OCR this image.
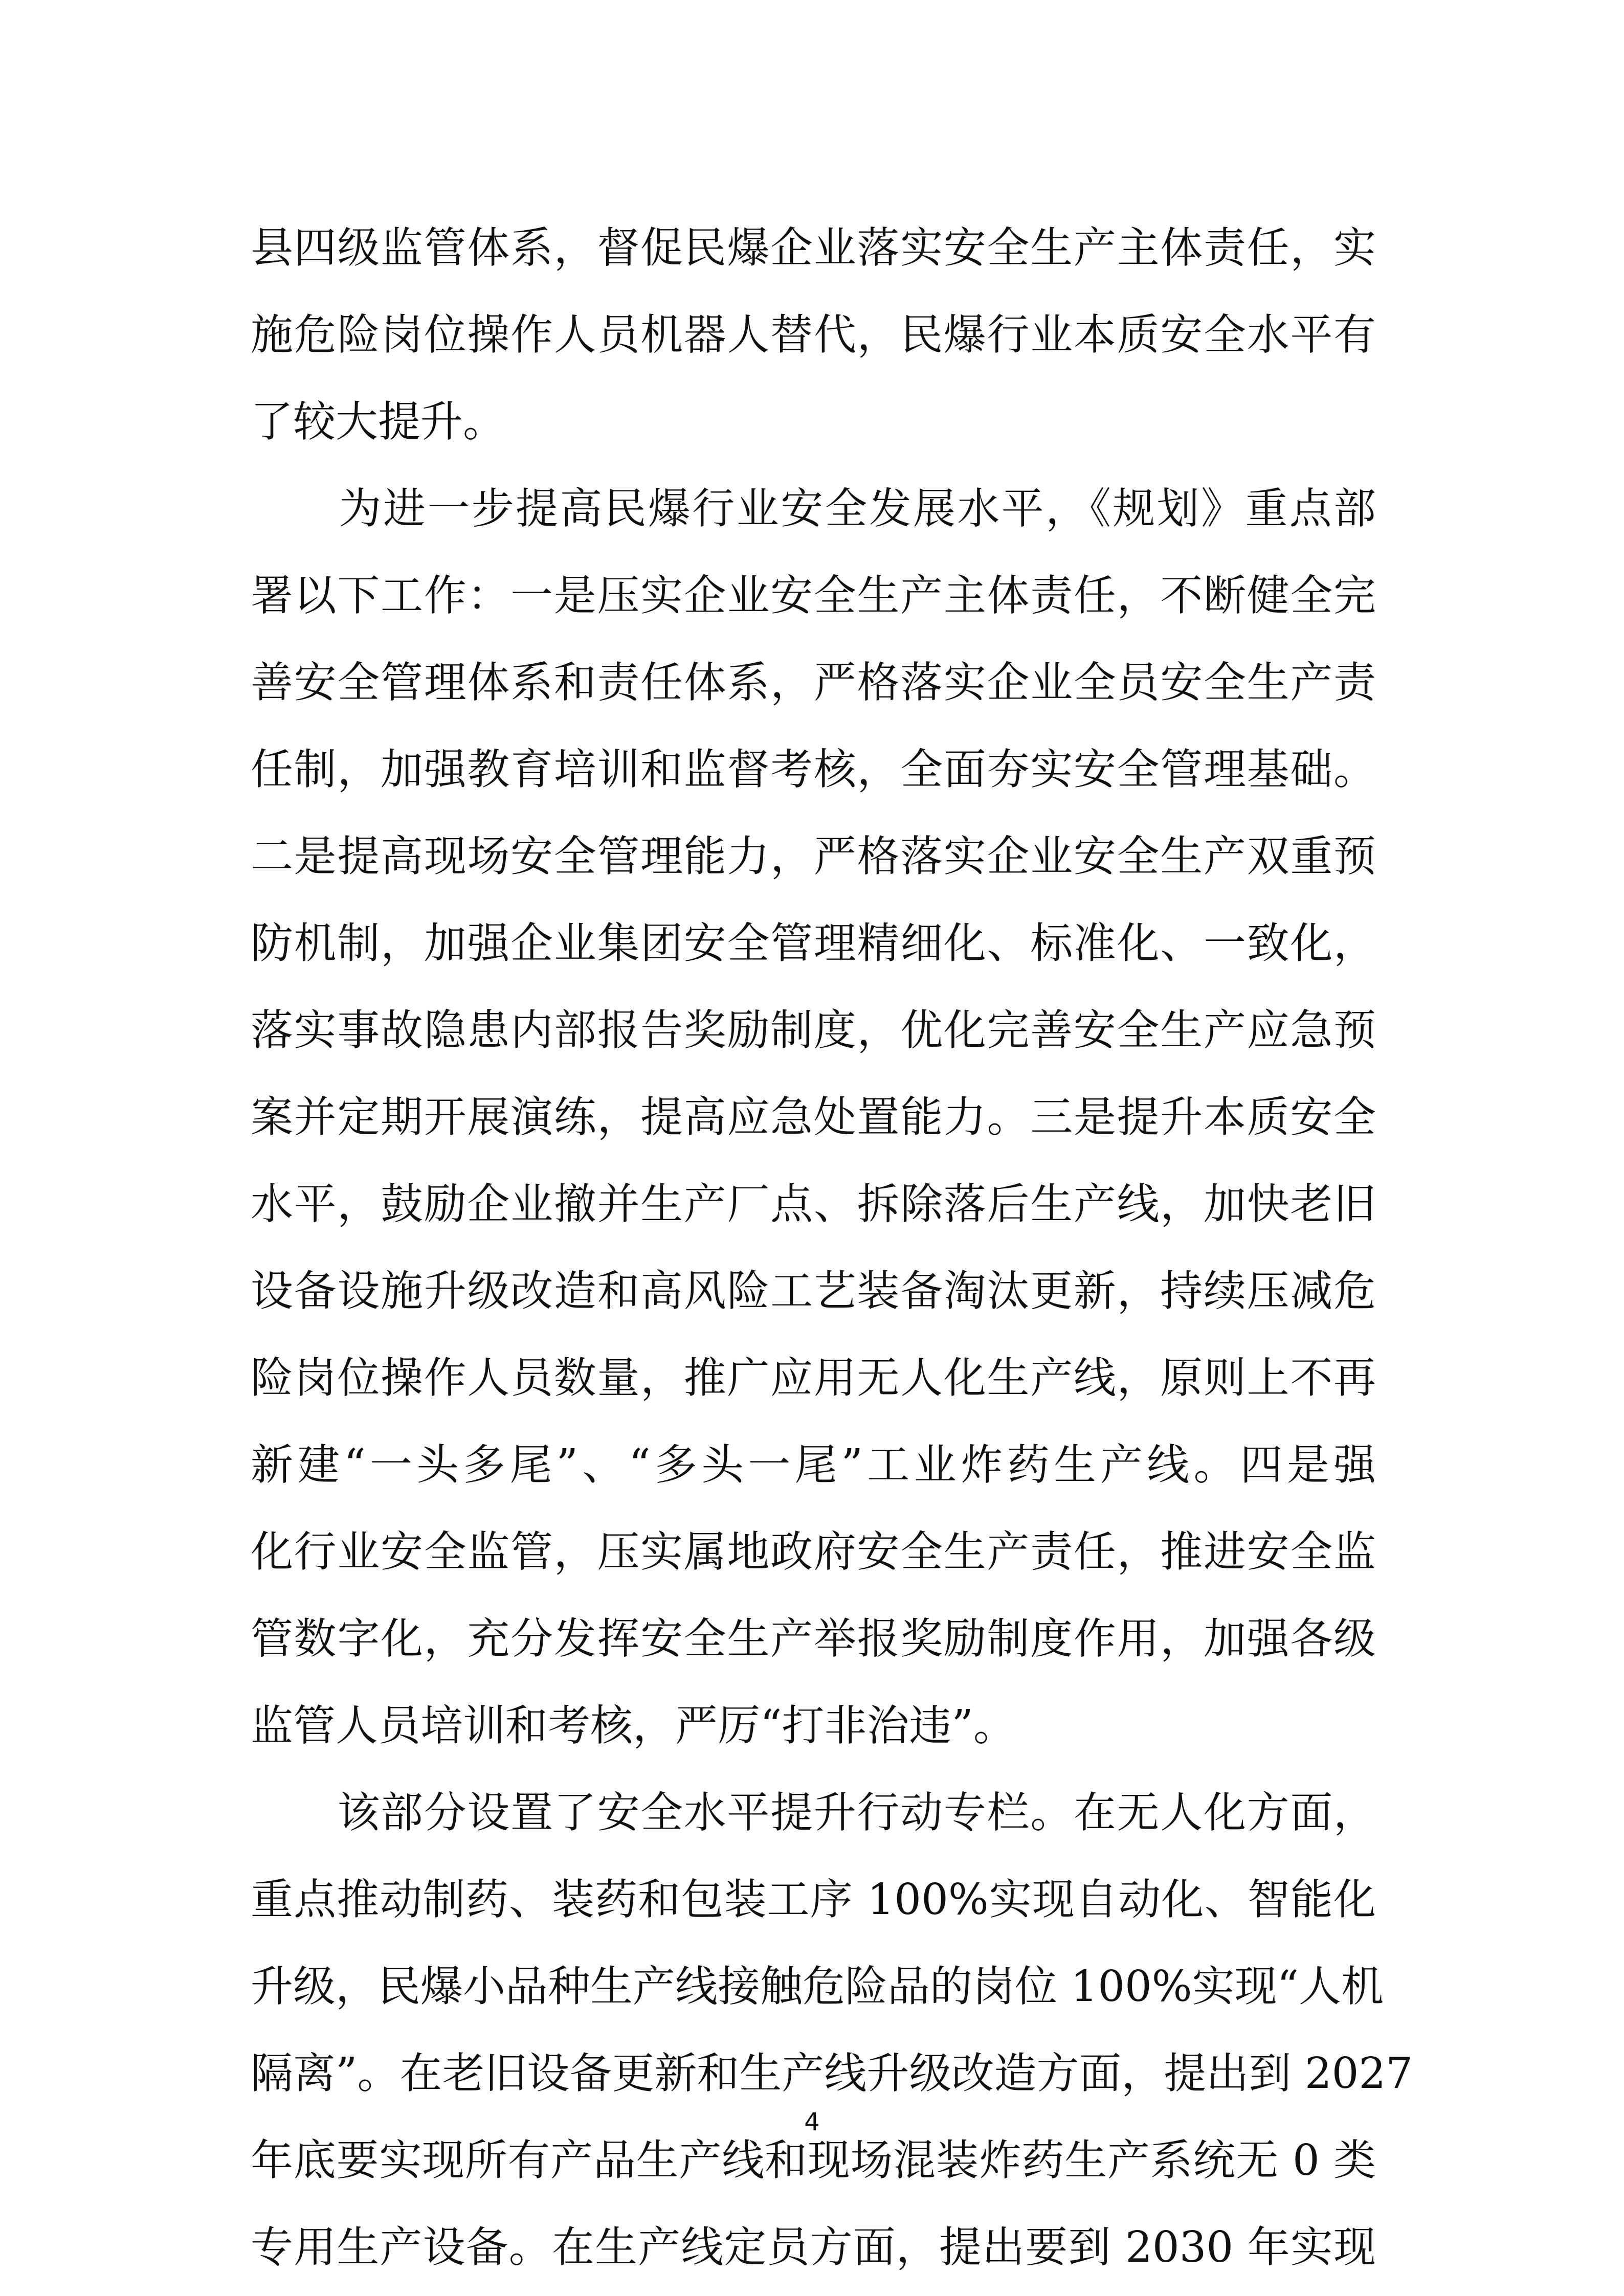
县四级监管体系，督促民爆企业落实安全生产主体责任，实
施危险岗位操作人员机器人替代，民爆行业本质安全水平有
了较大提升。
　　为进一步提高民爆行业安全发展水平，《规划》重点部
署以下工作：一是压实企业安全生产主体责任，不断健全完
善安全管理体系和责任体系，严格落实企业全员安全生产责
任制，加强教育培训和监督考核，全面夯实安全管理基础。
二是提高现场安全管理能力，严格落实企业安全生产双重预
防机制，加强企业集团安全管理精细化、标准化、一致化，
落实事故隐患内部报告奖励制度，优化完善安全生产应急预
案并定期开展演练，提高应急处置能力。三是提升本质安全
水平，鼓励企业撤并生产厂点、拆除落后生产线，加快老旧
设备设施升级改造和高风险工艺装备淘汰更新，持续压减危
险岗位操作人员数量，推广应用无人化生产线，原则上不再
新建“一头多尾”、“多头一尾”工业炸药生产线。四是强
化行业安全监管，压实属地政府安全生产责任，推进安全监
管数字化，充分发挥安全生产举报奖励制度作用，加强各级
监管人员培训和考核，严厉“打非治违”。
　　该部分设置了安全水平提升行动专栏。在无人化方面，
重点推动制药、装药和包装工序 100%实现自动化、智能化
升级，民爆小品种生产线接触危险品的岗位 100%实现“人机
隔离”。在老旧设备更新和生产线升级改造方面，提出到 2027
年底要实现所有产品生产线和现场混装炸药生产系统无 0 类
专用生产设备。在生产线定员方面，提出要到 2030 年实现
4
